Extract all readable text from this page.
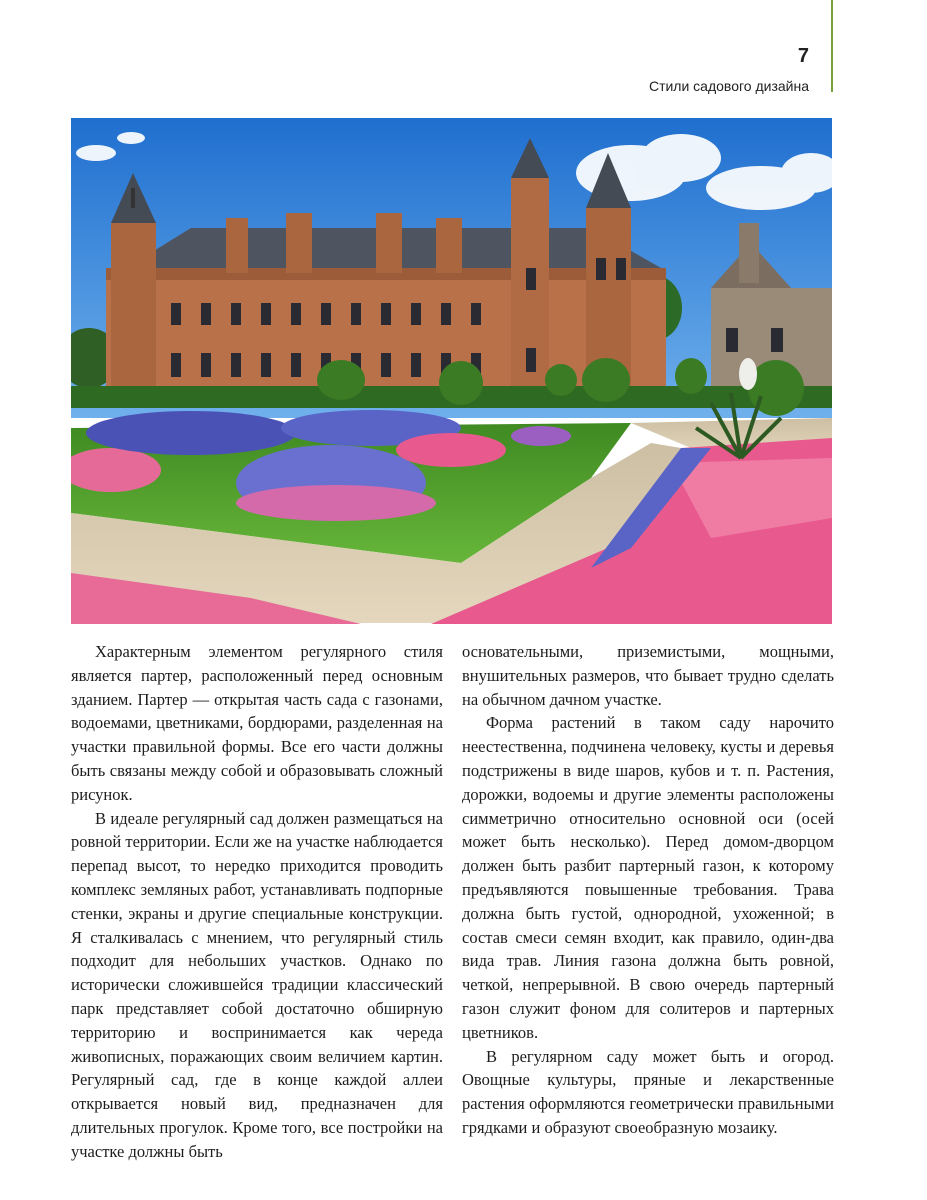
7
Стили садового дизайна

Характерным элементом регулярного стиля является партер, расположенный перед основным зданием. Партер — открытая часть сада с газонами, водоемами, цветниками, бордюрами, разделенная на участки правильной формы. Все его части должны быть связаны между собой и образовывать сложный рисунок.

В идеале регулярный сад должен размещаться на ровной территории. Если же на участке наблюдается перепад высот, то нередко приходится проводить комплекс земляных работ, устанавливать подпорные стенки, экраны и другие специальные конструкции. Я сталкивалась с мнением, что регулярный стиль подходит для небольших участков. Однако по исторически сложившейся традиции классический парк представляет собой достаточно обширную территорию и воспринимается как череда живописных, поражающих своим величием картин. Регулярный сад, где в конце каждой аллеи открывается новый вид, предназначен для длительных прогулок. Кроме того, все постройки на участке должны быть

основательными, приземистыми, мощными, внушительных размеров, что бывает трудно сделать на обычном дачном участке.

Форма растений в таком саду нарочито неестественна, подчинена человеку, кусты и деревья подстрижены в виде шаров, кубов и т. п. Растения, дорожки, водоемы и другие элементы расположены симметрично относительно основной оси (осей может быть несколько). Перед домом-дворцом должен быть разбит партерный газон, к которому предъявляются повышенные требования. Трава должна быть густой, однородной, ухоженной; в состав смеси семян входит, как правило, один-два вида трав. Линия газона должна быть ровной, четкой, непрерывной. В свою очередь партерный газон служит фоном для солитеров и партерных цветников.

В регулярном саду может быть и огород. Овощные культуры, пряные и лекарственные растения оформляются геометрически правильными грядками и образуют своеобразную мозаику.
